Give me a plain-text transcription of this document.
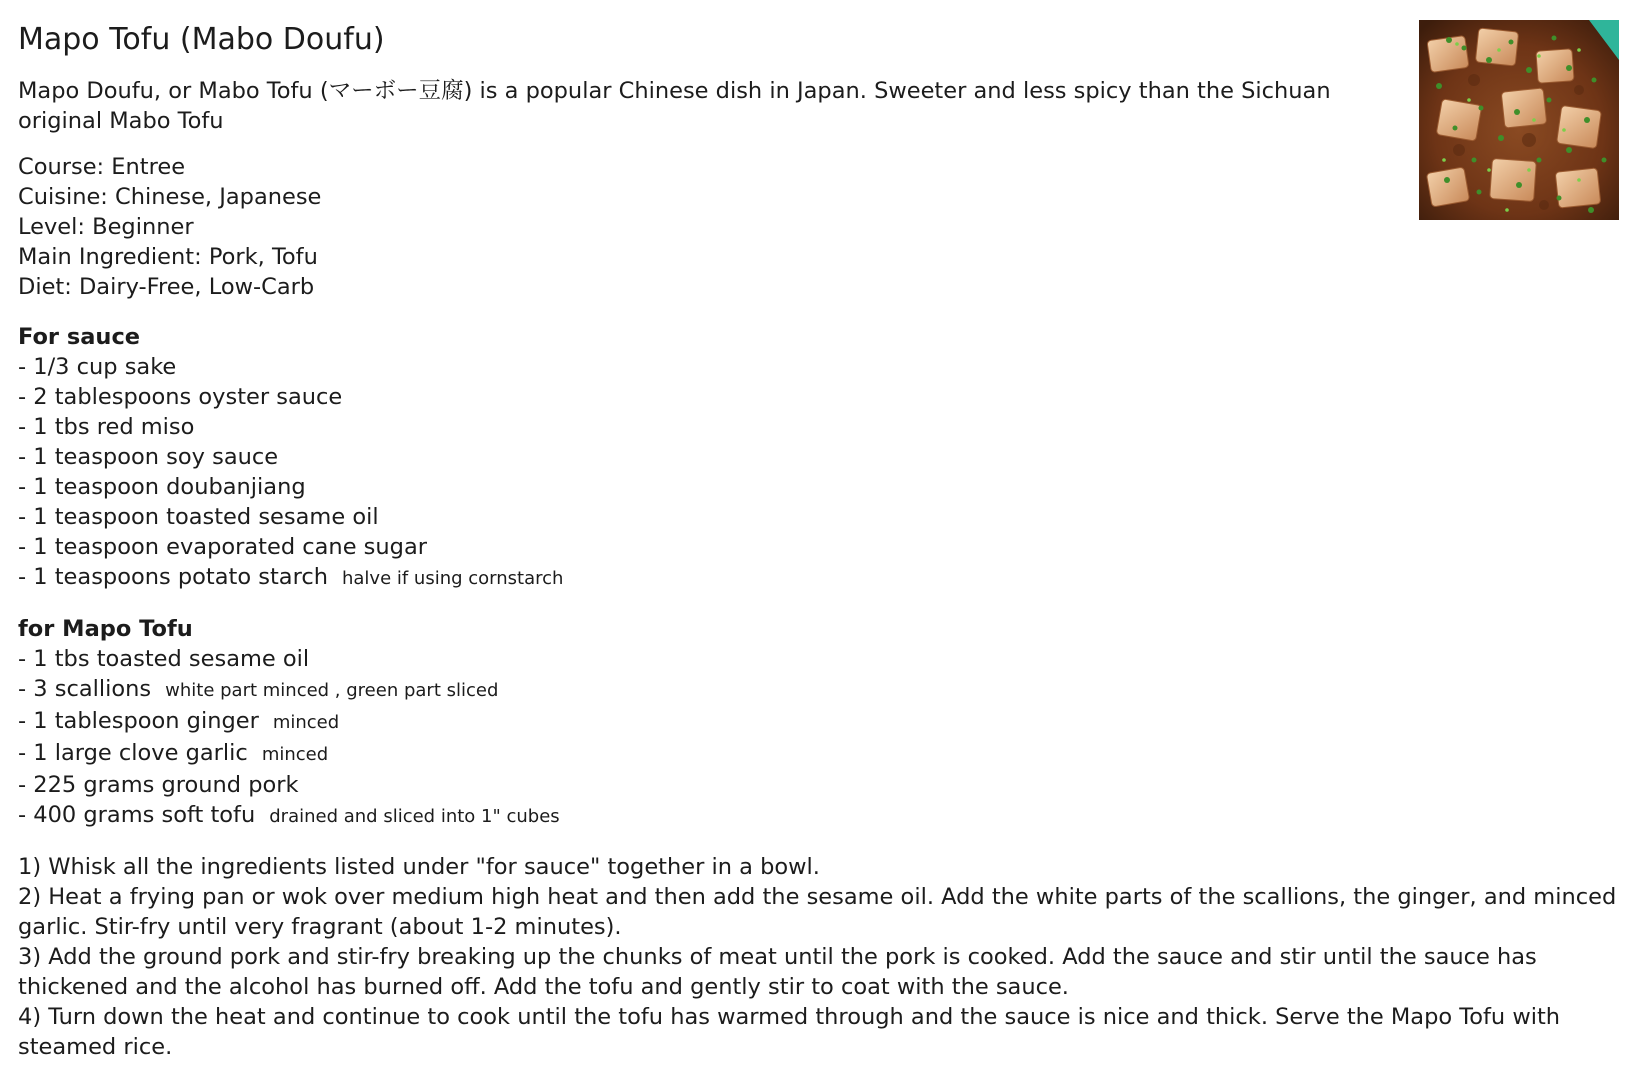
Mapo Tofu (Mabo Doufu)

Mapo Doufu, or Mabo Tofu (マーボー豆腐) is a popular Chinese dish in Japan. Sweeter and less spicy than the Sichuan original Mabo Tofu

Course: Entree
Cuisine: Chinese, Japanese
Level: Beginner
Main Ingredient: Pork, Tofu
Diet: Dairy-Free, Low-Carb
For sauce
- 1/3 cup sake
- 2 tablespoons oyster sauce
- 1 tbs red miso
- 1 teaspoon soy sauce
- 1 teaspoon doubanjiang
- 1 teaspoon toasted sesame oil
- 1 teaspoon evaporated cane sugar
- 1 teaspoons potato starch halve if using cornstarch
for Mapo Tofu
- 1 tbs toasted sesame oil
- 3 scallions white part minced , green part sliced
- 1 tablespoon ginger minced
- 1 large clove garlic minced
- 225 grams ground pork
- 400 grams soft tofu drained and sliced into 1" cubes

1) Whisk all the ingredients listed under "for sauce" together in a bowl.

2) Heat a frying pan or wok over medium high heat and then add the sesame oil. Add the white parts of the scallions, the ginger, and minced garlic. Stir-fry until very fragrant (about 1-2 minutes).

3) Add the ground pork and stir-fry breaking up the chunks of meat until the pork is cooked. Add the sauce and stir until the sauce has thickened and the alcohol has burned off. Add the tofu and gently stir to coat with the sauce.

4) Turn down the heat and continue to cook until the tofu has warmed through and the sauce is nice and thick. Serve the Mapo Tofu with steamed rice.
